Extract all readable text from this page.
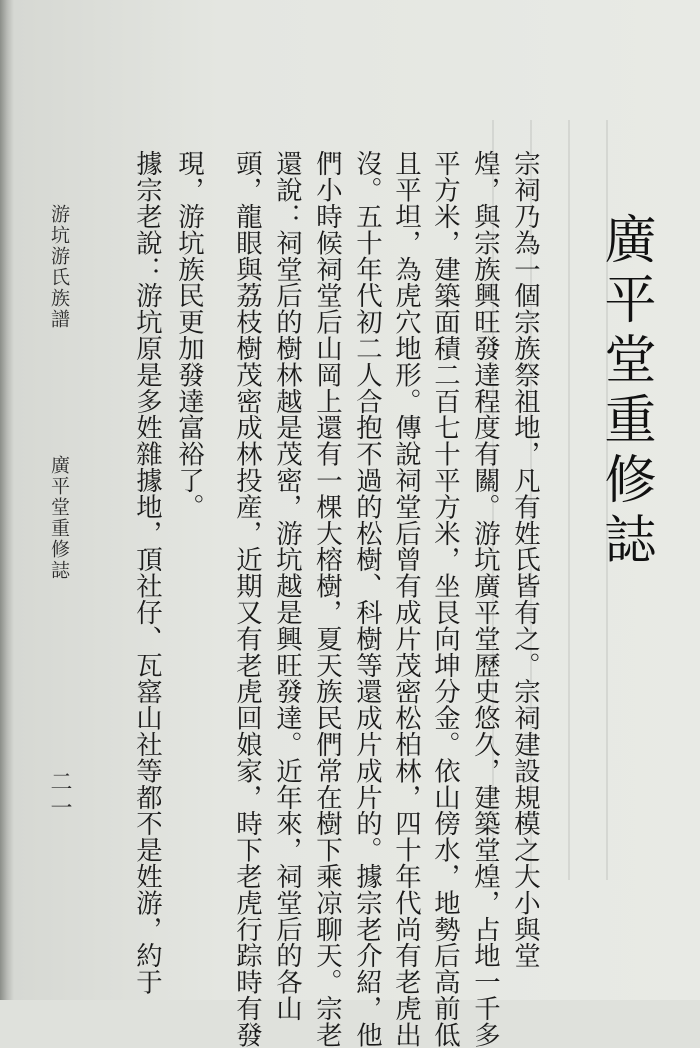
廣平堂重修誌
宗祠乃為一個宗族祭祖地，凡有姓氏皆有之。宗祠建設規模之大小與堂
煌，與宗族興旺發達程度有關。游坑廣平堂歷史悠久，建築堂煌，占地一千多
平方米，建築面積二百七十平方米，坐艮向坤分金。依山傍水，地勢后高前低
且平坦，為虎穴地形。傳說祠堂后曾有成片茂密松柏林，四十年代尚有老虎出
沒。五十年代初二人合抱不過的松樹、科樹等還成片成片的。據宗老介紹，他
們小時候祠堂后山岡上還有一棵大榕樹，夏天族民們常在樹下乘凉聊天。宗老
還說：祠堂后的樹林越是茂密，游坑越是興旺發達。近年來，祠堂后的各山
頭，龍眼與荔枝樹茂密成林投産，近期又有老虎回娘家，時下老虎行踪時有發
現，游坑族民更加發達富裕了。
據宗老說：游坑原是多姓雜據地，頂社仔、瓦窰山社等都不是姓游，約于
游坑游氏族譜
廣平堂重修誌
二一
